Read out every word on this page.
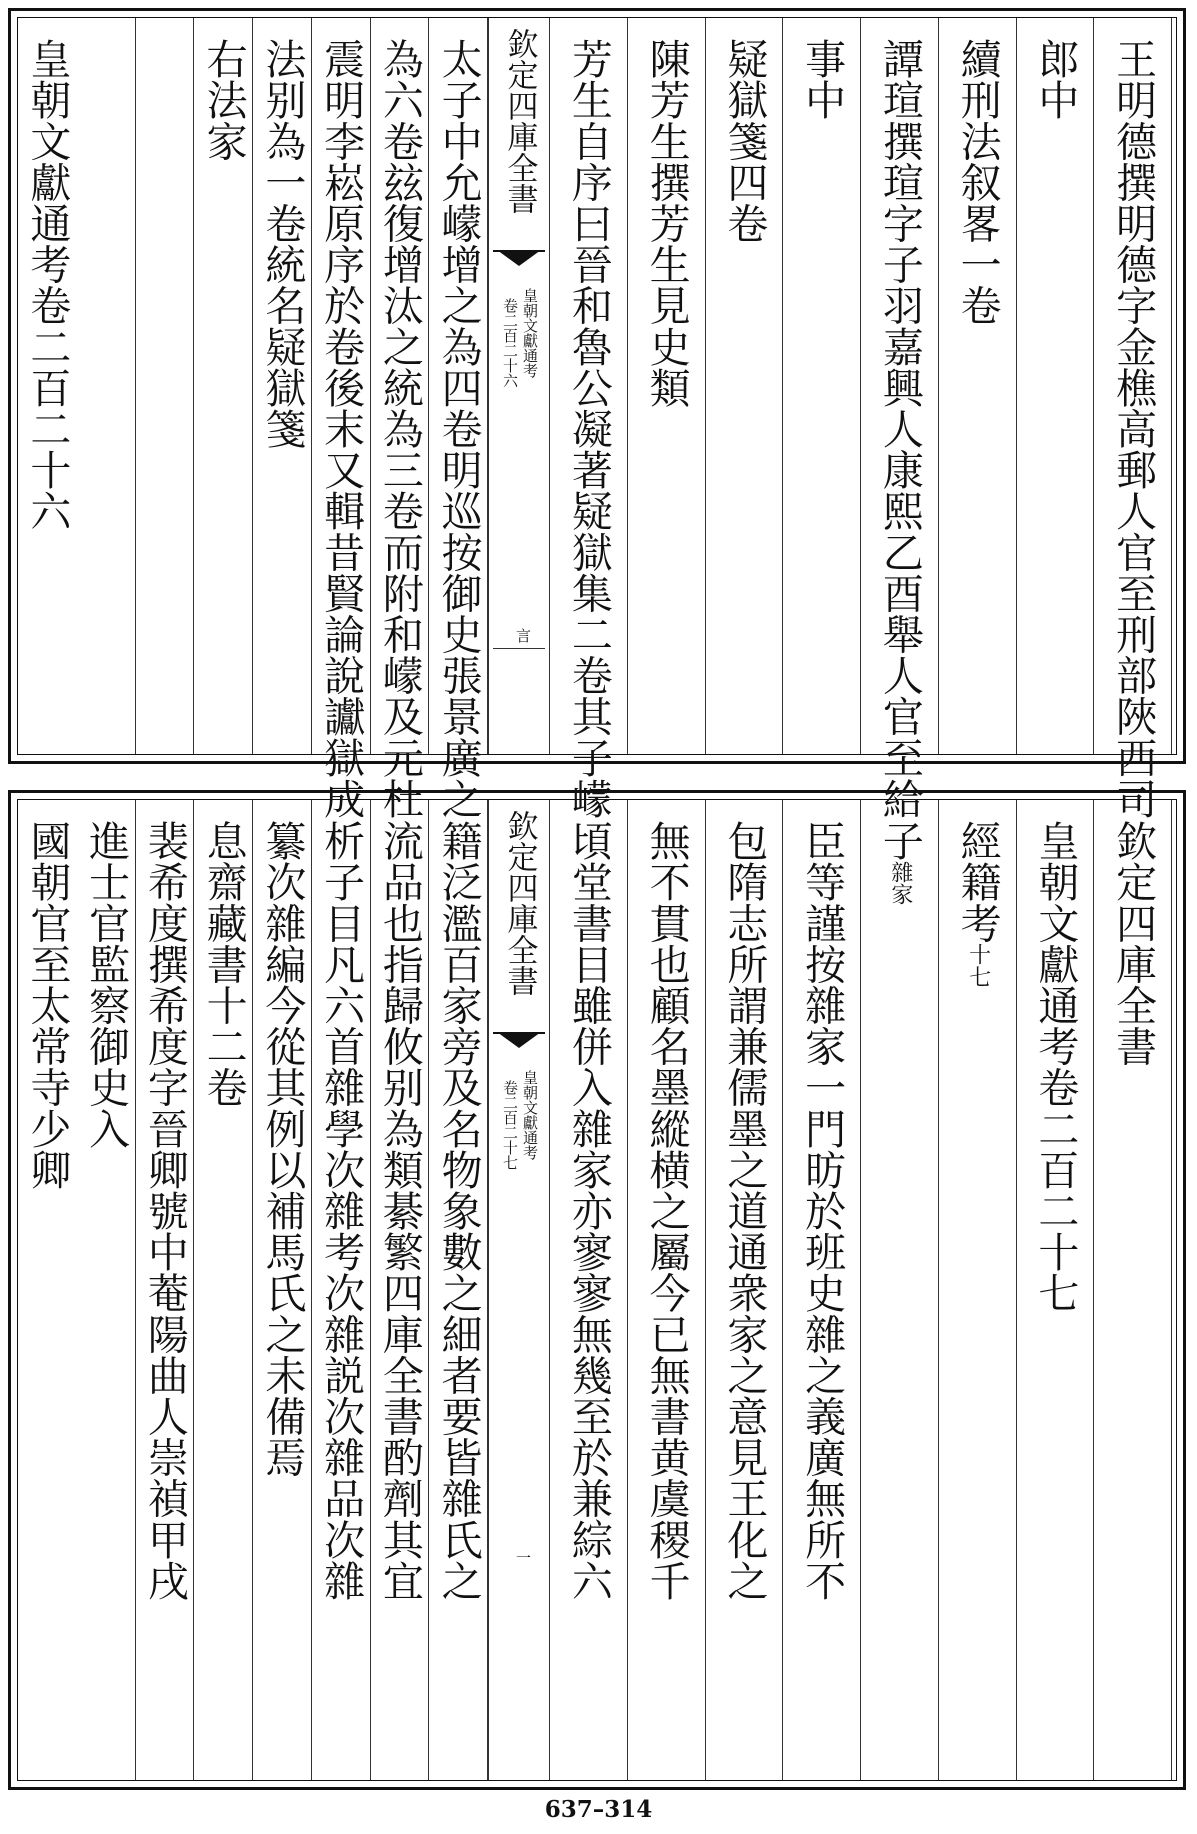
王明德撰明德字金樵高郵人官至刑部陜西司
郎中
續刑法叙畧一卷
譚瑄撰瑄字子羽嘉興人康熙乙酉舉人官至給
事中
疑獄箋四卷
陳芳生撰芳生見史類
芳生自序曰晉和魯公凝著疑獄集二卷其子㠓
太子中允㠓增之為四卷明巡按御史張景廣之
為六卷玆復增汰之統為三卷而附和㠓及元杜
震明李崧原序於卷後末又輯昔賢論說讞獄成
法别為一卷統名疑獄箋
右法家
皇朝文獻通考卷二百二十六	欽定四庫全書
皇朝文獻通考
卷二百二十六
言
欽定四庫全書
皇朝文獻通考卷二百二十七
經籍考十七
子雜家
臣等謹按雜家一門昉於班史雜之義廣無所不
包隋志所謂兼儒墨之道通衆家之意見王化之
無不貫也顧名墨縱横之屬今已無書黄虞稷千
頃堂書目雖併入雜家亦寥寥無幾至於兼綜六
籍泛濫百家旁及名物象數之細者要皆雜氏之
流品也指歸攸别為類綦繁四庫全書酌劑其宜
析子目凡六首雜學次雜考次雜説次雜品次雜
纂次雜編今從其例以補馬氏之未備焉
息齋藏書十二卷
裴希度撰希度字晉卿號中菴陽曲人崇禎甲戌
進士官監察御史入
國朝官至太常寺少卿	欽定四庫全書
皇朝文獻通考
卷二百二十七
一
637–314
